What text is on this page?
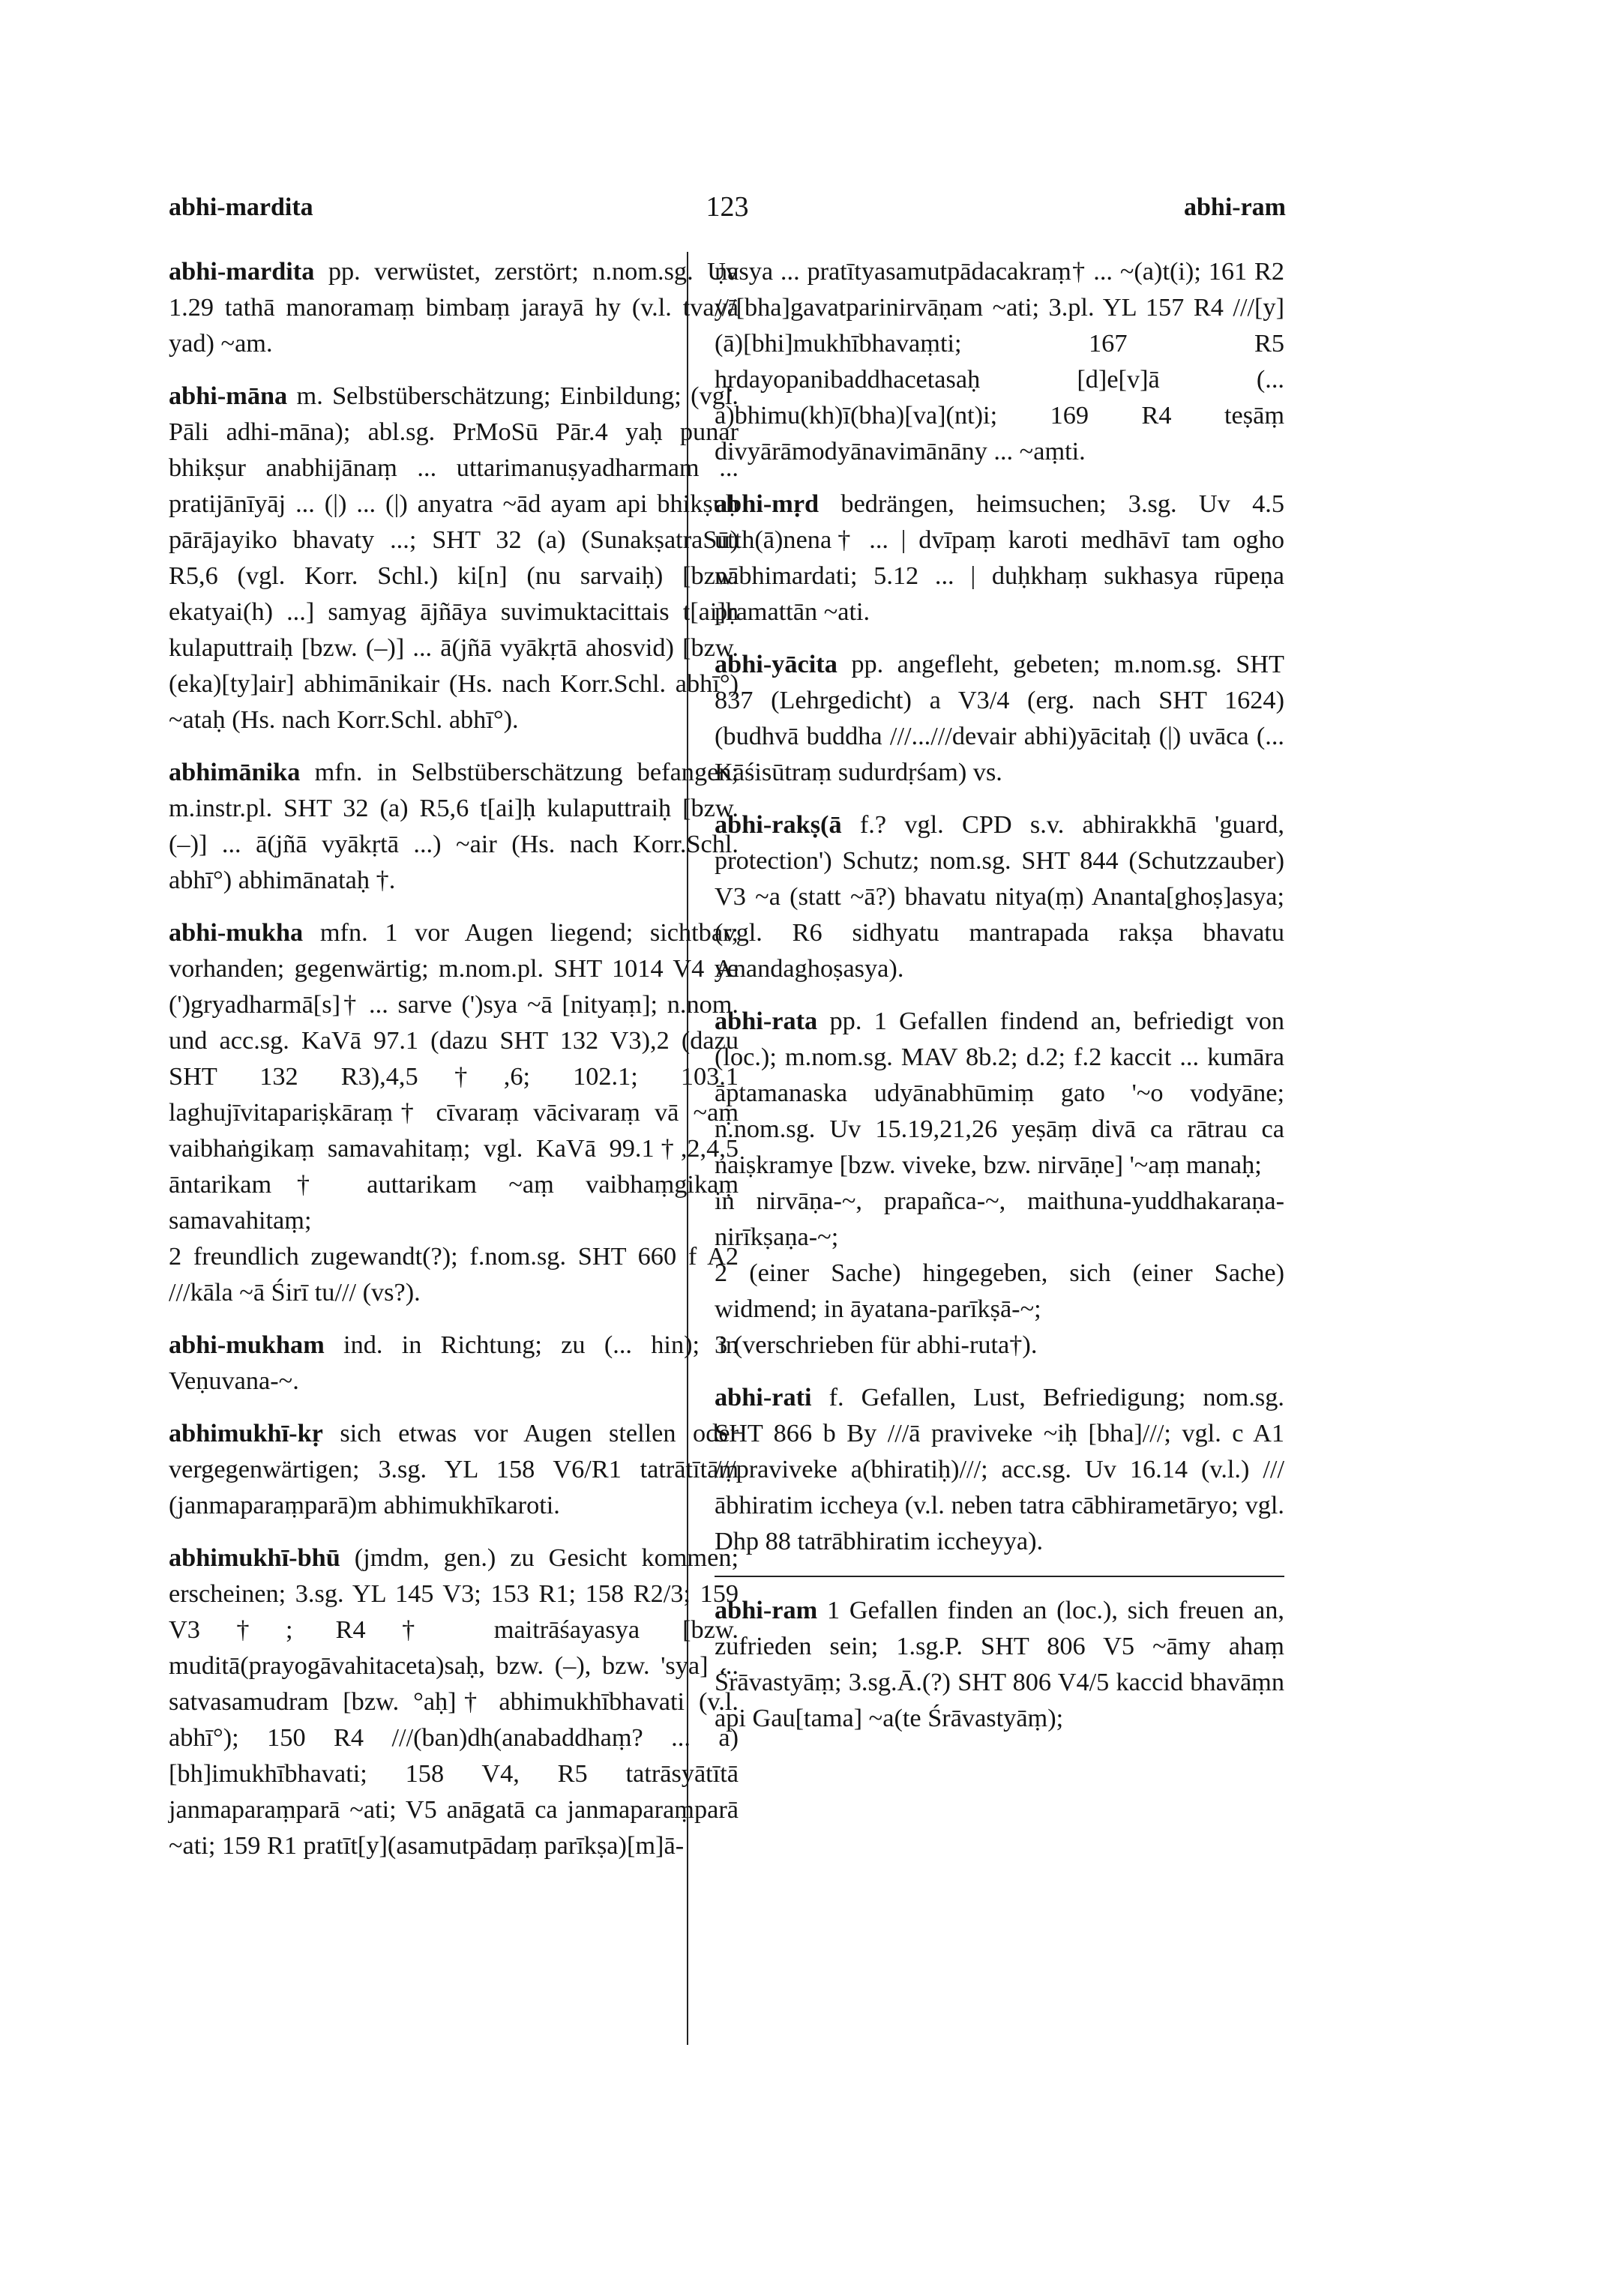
abhi-mardita	123	abhi-ram

abhi-mardita pp. verwüstet, zerstört; n.nom.sg. Uv 1.29 tathā manoramaṃ bimbaṃ jarayā hy (v.l. tvayā yad) ~am.

abhi-māna m. Selbstüberschätzung; Einbildung; (vgl. Pāli adhi-māna); abl.sg. PrMoSū Pār.4 yaḥ punar bhikṣur anabhijānaṃ ... uttarimanuṣyadharmam ... pratijānīyāj ... (|) ... (|) anyatra ~ād ayam api bhikṣuḥ pārājayiko bhavaty ...; SHT 32 (a) (SunakṣatraSū) R5,6 (vgl. Korr. Schl.) ki[n] (nu sarvaiḥ) [bzw. ekatyai(h) ...] samyag ājñāya suvimuktacittais t[ai]ḥ kulaputtraiḥ [bzw. (–)] ... ā(jñā vyākṛtā ahosvid) [bzw. (eka)[ty]air] abhimānikair (Hs. nach Korr.Schl. abhī°) ~ataḥ (Hs. nach Korr.Schl. abhī°).

abhimānika mfn. in Selbstüberschätzung befangen; m.instr.pl. SHT 32 (a) R5,6 t[ai]ḥ kulaputtraiḥ [bzw. (–)] ... ā(jñā vyākṛtā ...) ~air (Hs. nach Korr.Schl. abhī°) abhimānataḥ †.

abhi-mukha mfn. 1 vor Augen liegend; sichtbar; vorhanden; gegenwärtig; m.nom.pl. SHT 1014 V4 ye (')gryadharmā[s]† ... sarve (')sya ~ā [nityaṃ]; n.nom. und acc.sg. KaVā 97.1 (dazu SHT 132 V3),2 (dazu SHT 132 R3),4,5†,6; 102.1; 103.1 laghujīvitapariṣkāraṃ† cīvaraṃ vācivaraṃ vā ~aṃ vaibhaṅgikaṃ samavahitaṃ; vgl. KaVā 99.1†,2,4,5 āntarikam† auttarikam ~aṃ vaibhaṃgikaṃ samavahitaṃ;
2 freundlich zugewandt(?); f.nom.sg. SHT 660 f A2 ///kāla ~ā Śirī tu/// (vs?).

abhi-mukham ind. in Richtung; zu (... hin); in Veṇuvana-~.

abhimukhī-kṛ sich etwas vor Augen stellen oder vergegenwärtigen; 3.sg. YL 158 V6/R1 tatrātītāṃ (janmaparaṃparā)m abhimukhīkaroti.

abhimukhī-bhū (jmdm, gen.) zu Gesicht kommen; erscheinen; 3.sg. YL 145 V3; 153 R1; 158 R2/3; 159 V3†; R4† maitrāśayasya [bzw. muditā(prayogāvahitaceta)saḥ, bzw. (–), bzw. 'sya] ... satvasamudram [bzw. °aḥ]† abhimukhībhavati (v.l. abhī°); 150 R4 ///(ban)dh(anabaddhaṃ? ... a)[bh]imukhībhavati; 158 V4, R5 tatrāsyātītā janmaparaṃparā ~ati; V5 anāgatā ca janmaparaṃparā ~ati; 159 R1 pratīt[y](asamutpādaṃ parīkṣa)[m]ā-

ṇasya ... pratītyasamutpādacakraṃ† ... ~(a)t(i); 161 R2 ///[bha]gavatparinirvāṇam ~ati; 3.pl. YL 157 R4 ///[y](ā)[bhi]mukhībhavaṃti; 167 R5 hṛdayopanibaddhacetasaḥ [d]e[v]ā (... a)bhimu(kh)ī(bha)[va](nt)i; 169 R4 teṣāṃ divyārāmodyānavimānāny ... ~aṃti.

abhi-mṛd bedrängen, heimsuchen; 3.sg. Uv 4.5 utth(ā)nena† ... | dvīpaṃ karoti medhāvī tam ogho nābhimardati; 5.12 ... | duḥkhaṃ sukhasya rūpeṇa pramattān ~ati.

abhi-yācita pp. angefleht, gebeten; m.nom.sg. SHT 837 (Lehrgedicht) a V3/4 (erg. nach SHT 1624) (budhvā buddha ///...///devair abhi)yācitaḥ (|) uvāca (... Kāśisūtraṃ sudurdṛśam) vs.

abhi-rakṣ(ā f.? vgl. CPD s.v. abhirakkhā 'guard, protection') Schutz; nom.sg. SHT 844 (Schutzzauber) V3 ~a (statt ~ā?) bhavatu nitya(ṃ) Ananta[ghoṣ]asya; (vgl. R6 sidhyatu mantrapada rakṣa bhavatu Anandaghoṣasya).

abhi-rata pp. 1 Gefallen findend an, befriedigt von (loc.); m.nom.sg. MAV 8b.2; d.2; f.2 kaccit ... kumāra āptamanaska udyānabhūmiṃ gato '~o vodyāne; n.nom.sg. Uv 15.19,21,26 yeṣāṃ divā ca rātrau ca naiṣkramye [bzw. viveke, bzw. nirvāṇe] '~aṃ manaḥ;
in nirvāṇa-~, prapañca-~, maithuna-yuddhakaraṇa-nirīkṣaṇa-~;
2 (einer Sache) hingegeben, sich (einer Sache) widmend; in āyatana-parīkṣā-~;
3 (verschrieben für abhi-ruta†).

abhi-rati f. Gefallen, Lust, Befriedigung; nom.sg. SHT 866 b By ///ā praviveke ~iḥ [bha]///; vgl. c A1 ///praviveke a(bhiratiḥ)///; acc.sg. Uv 16.14 (v.l.) ///ābhiratim iccheya (v.l. neben tatra cābhirametāryo; vgl. Dhp 88 tatrābhiratim iccheyya).

abhi-ram 1 Gefallen finden an (loc.), sich freuen an, zufrieden sein; 1.sg.P. SHT 806 V5 ~āmy ahaṃ Śrāvastyāṃ; 3.sg.Ā.(?) SHT 806 V4/5 kaccid bhavāṃn api Gau[tama] ~a(te Śrāvastyāṃ);
